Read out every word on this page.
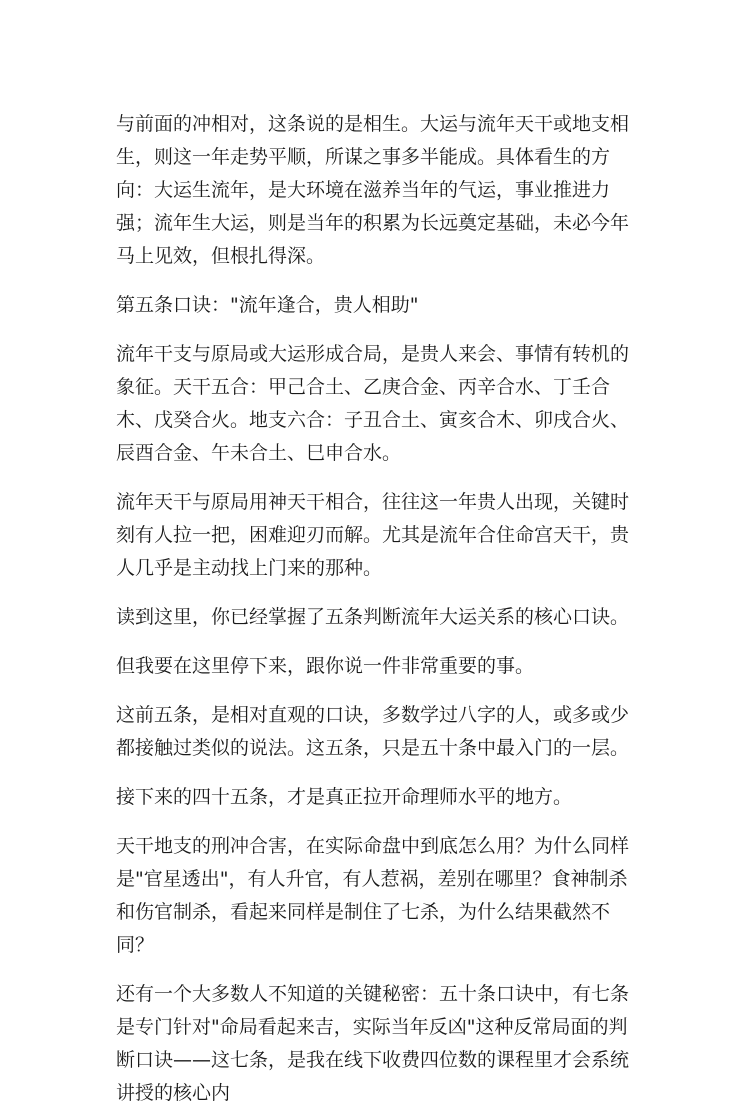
与前面的冲相对，这条说的是相生。大运与流年天干或地支相生，则这一年走势平顺，所谋之事多半能成。具体看生的方向：大运生流年，是大环境在滋养当年的气运，事业推进力强；流年生大运，则是当年的积累为长远奠定基础，未必今年马上见效，但根扎得深。

第五条口诀："流年逢合，贵人相助"

流年干支与原局或大运形成合局，是贵人来会、事情有转机的象征。天干五合：甲己合土、乙庚合金、丙辛合水、丁壬合木、戊癸合火。地支六合：子丑合土、寅亥合木、卯戌合火、辰酉合金、午未合土、巳申合水。

流年天干与原局用神天干相合，往往这一年贵人出现，关键时刻有人拉一把，困难迎刃而解。尤其是流年合住命宫天干，贵人几乎是主动找上门来的那种。

读到这里，你已经掌握了五条判断流年大运关系的核心口诀。

但我要在这里停下来，跟你说一件非常重要的事。

这前五条，是相对直观的口诀，多数学过八字的人，或多或少都接触过类似的说法。这五条，只是五十条中最入门的一层。

接下来的四十五条，才是真正拉开命理师水平的地方。

天干地支的刑冲合害，在实际命盘中到底怎么用？为什么同样是"官星透出"，有人升官，有人惹祸，差别在哪里？食神制杀和伤官制杀，看起来同样是制住了七杀，为什么结果截然不同？

还有一个大多数人不知道的关键秘密：五十条口诀中，有七条是专门针对"命局看起来吉，实际当年反凶"这种反常局面的判断口诀——这七条，是我在线下收费四位数的课程里才会系统讲授的核心内
